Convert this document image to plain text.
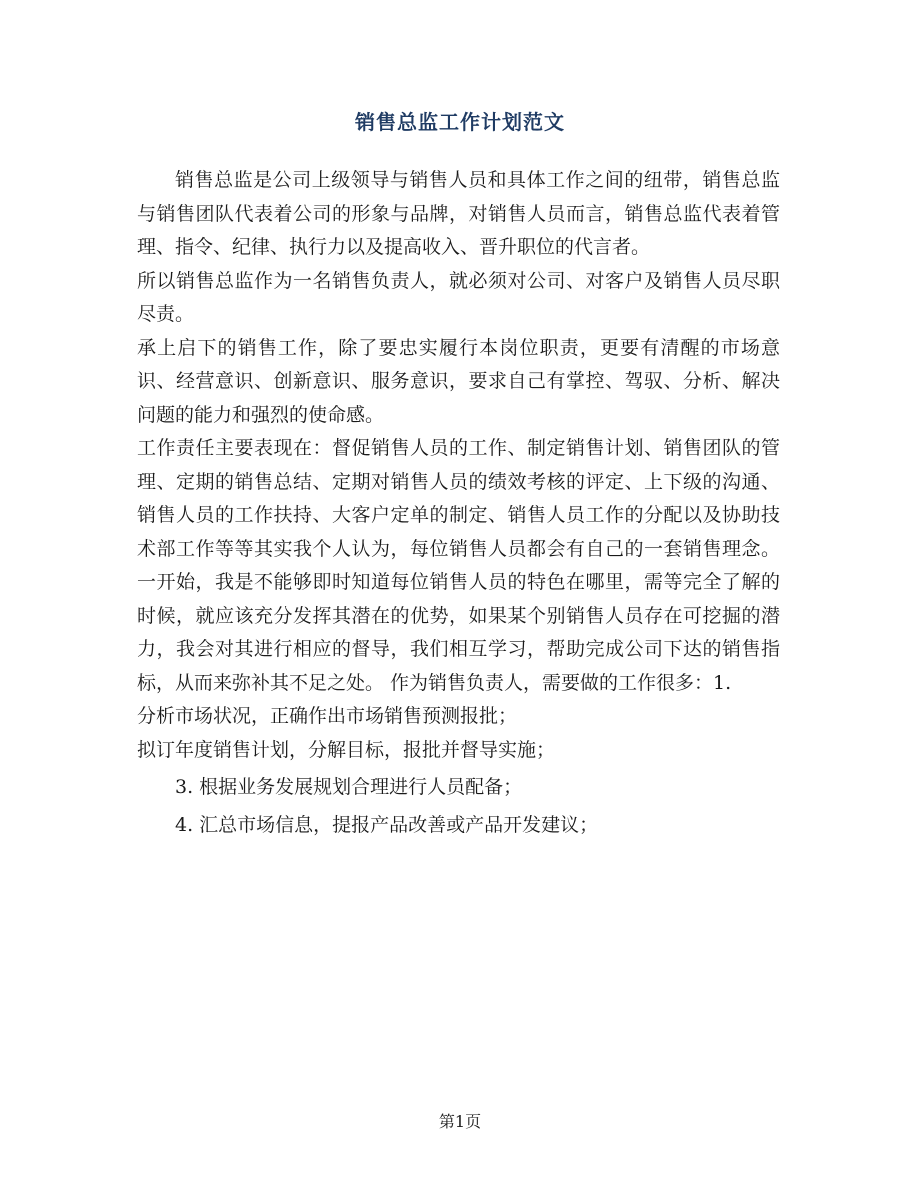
销售总监工作计划范文

销售总监是公司上级领导与销售人员和具体工作之间的纽带，销售总监与销售团队代表着公司的形象与品牌，对销售人员而言，销售总监代表着管理、指令、纪律、执行力以及提高收入、晋升职位的代言者。

所以销售总监作为一名销售负责人，就必须对公司、对客户及销售人员尽职尽责。

承上启下的销售工作，除了要忠实履行本岗位职责，更要有清醒的市场意识、经营意识、创新意识、服务意识，要求自己有掌控、驾驭、分析、解决问题的能力和强烈的使命感。

工作责任主要表现在：督促销售人员的工作、制定销售计划、销售团队的管理、定期的销售总结、定期对销售人员的绩效考核的评定、上下级的沟通、销售人员的工作扶持、大客户定单的制定、销售人员工作的分配以及协助技术部工作等等其实我个人认为，每位销售人员都会有自己的一套销售理念。一开始，我是不能够即时知道每位销售人员的特色在哪里，需等完全了解的时候，就应该充分发挥其潜在的优势，如果某个别销售人员存在可挖掘的潜力，我会对其进行相应的督导，我们相互学习，帮助完成公司下达的销售指标，从而来弥补其不足之处。 作为销售负责人，需要做的工作很多：1.

分析市场状况，正确作出市场销售预测报批；

拟订年度销售计划，分解目标，报批并督导实施；

3. 根据业务发展规划合理进行人员配备；

4. 汇总市场信息，提报产品改善或产品开发建议；

第1页
